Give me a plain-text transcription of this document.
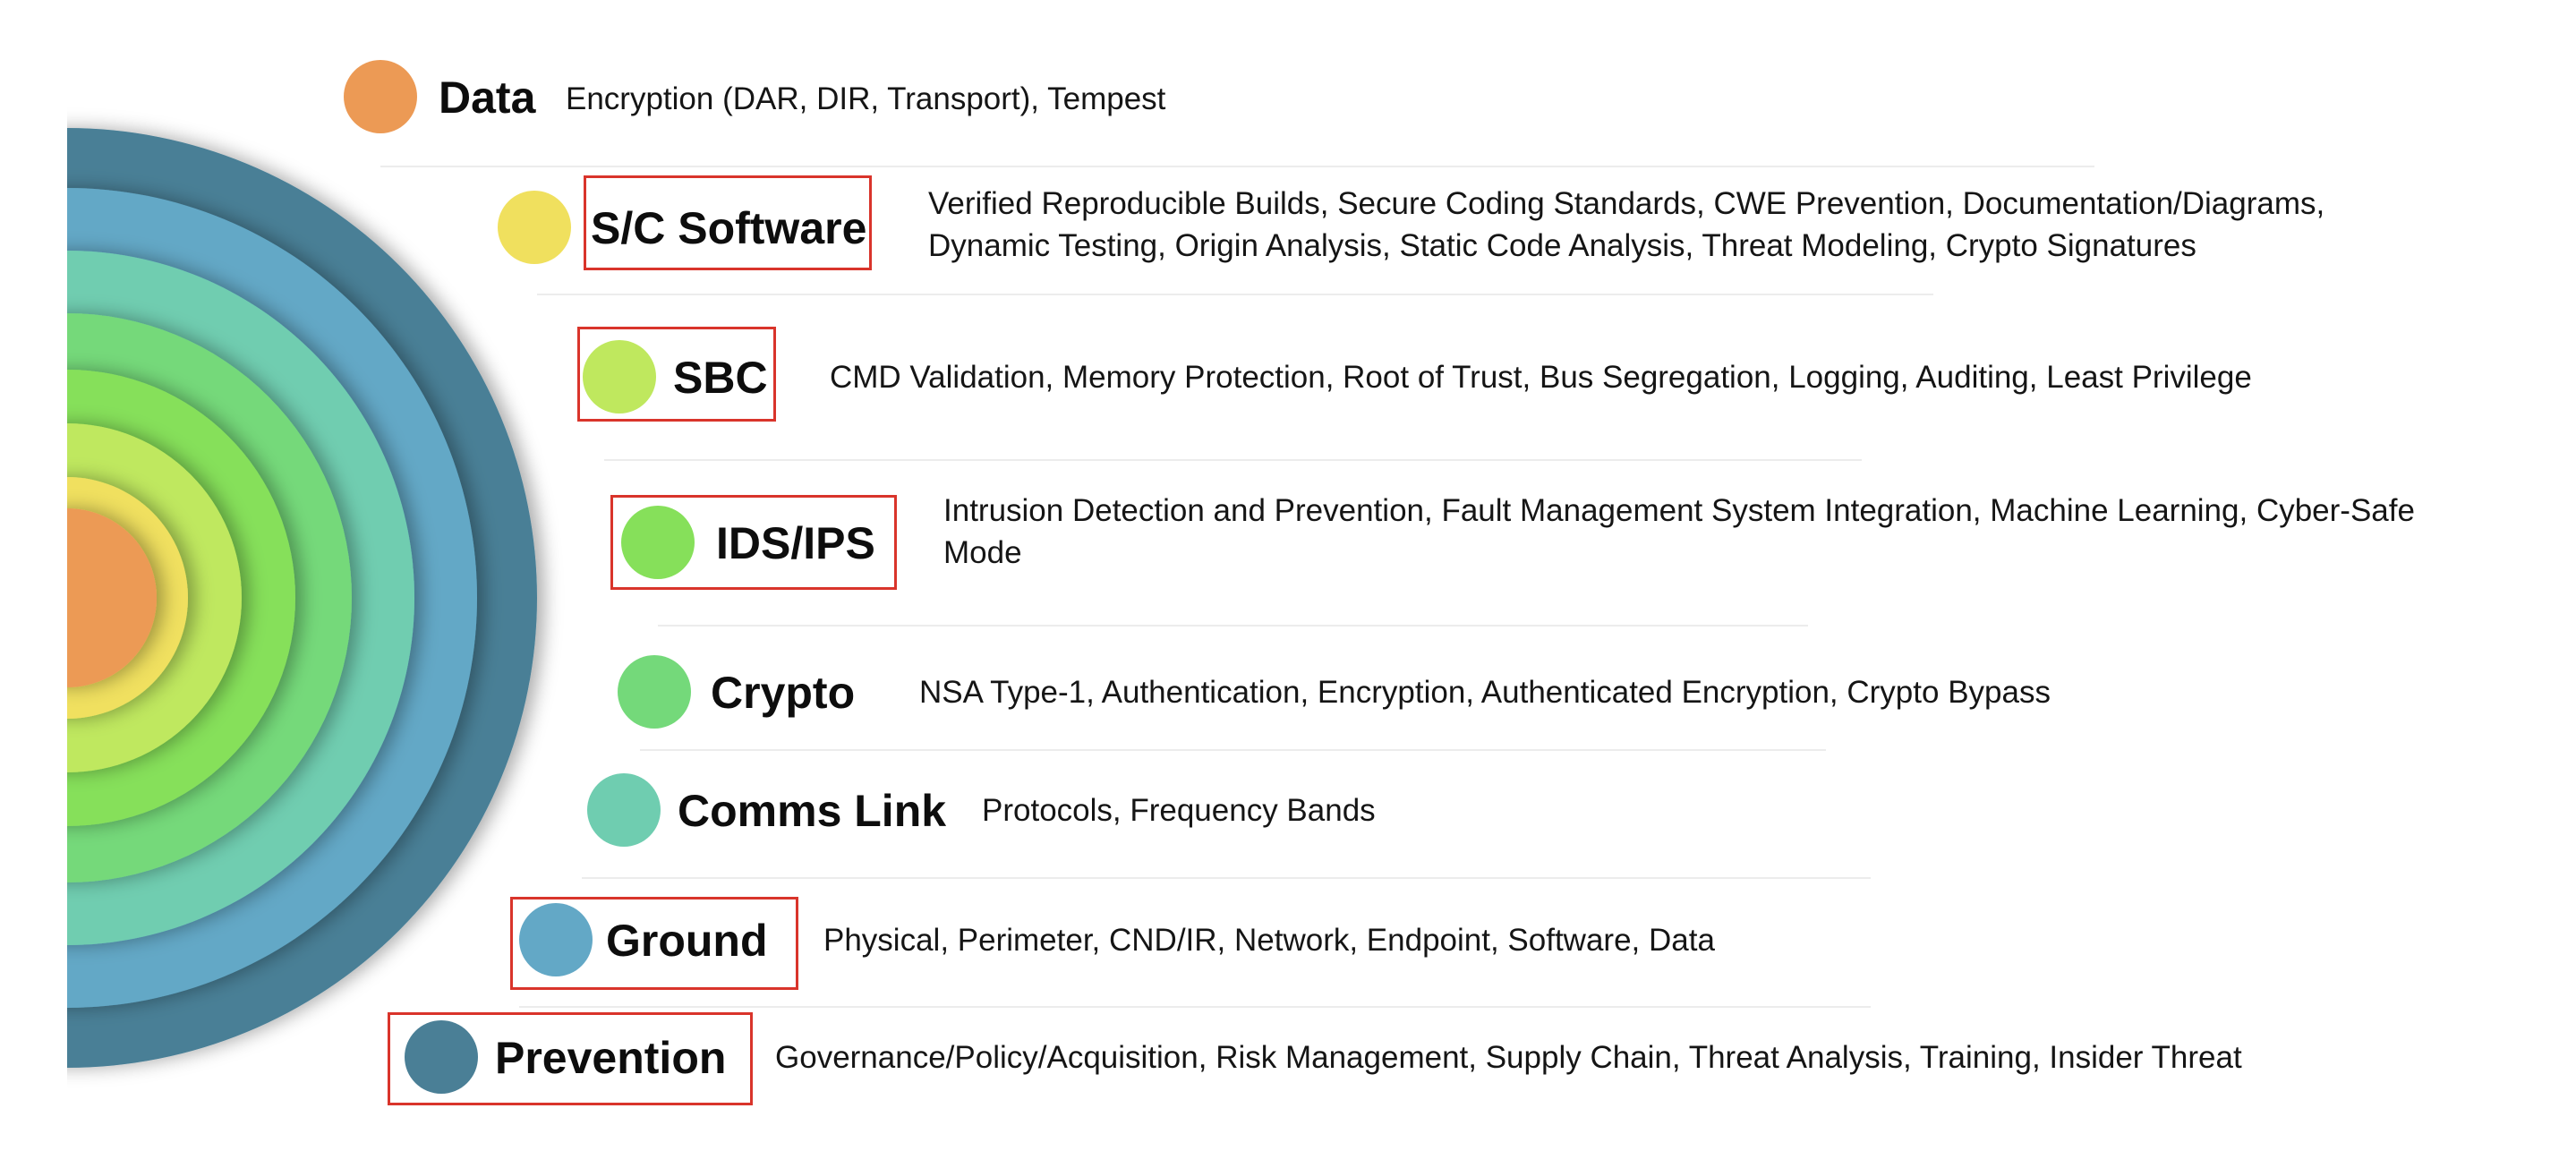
Data Encryption (DAR, DIR, Transport), Tempest
S/C Software Verified Reproducible Builds, Secure Coding Standards, CWE Prevention, Documentation/Diagrams, Dynamic Testing, Origin Analysis, Static Code Analysis, Threat Modeling, Crypto Signatures
SBC CMD Validation, Memory Protection, Root of Trust, Bus Segregation, Logging, Auditing, Least Privilege
IDS/IPS
Intrusion Detection and Prevention, Fault Management System Integration, Machine Learning, Cyber-Safe Mode
Crypto NSA Type-1, Authentication, Encryption, Authenticated Encryption, Crypto Bypass
Comms Link Protocols, Frequency Bands
Ground Physical, Perimeter, CND/IR, Network, Endpoint, Software, Data
Prevention Governance/Policy/Acquisition, Risk Management, Supply Chain, Threat Analysis, Training, Insider Threat
